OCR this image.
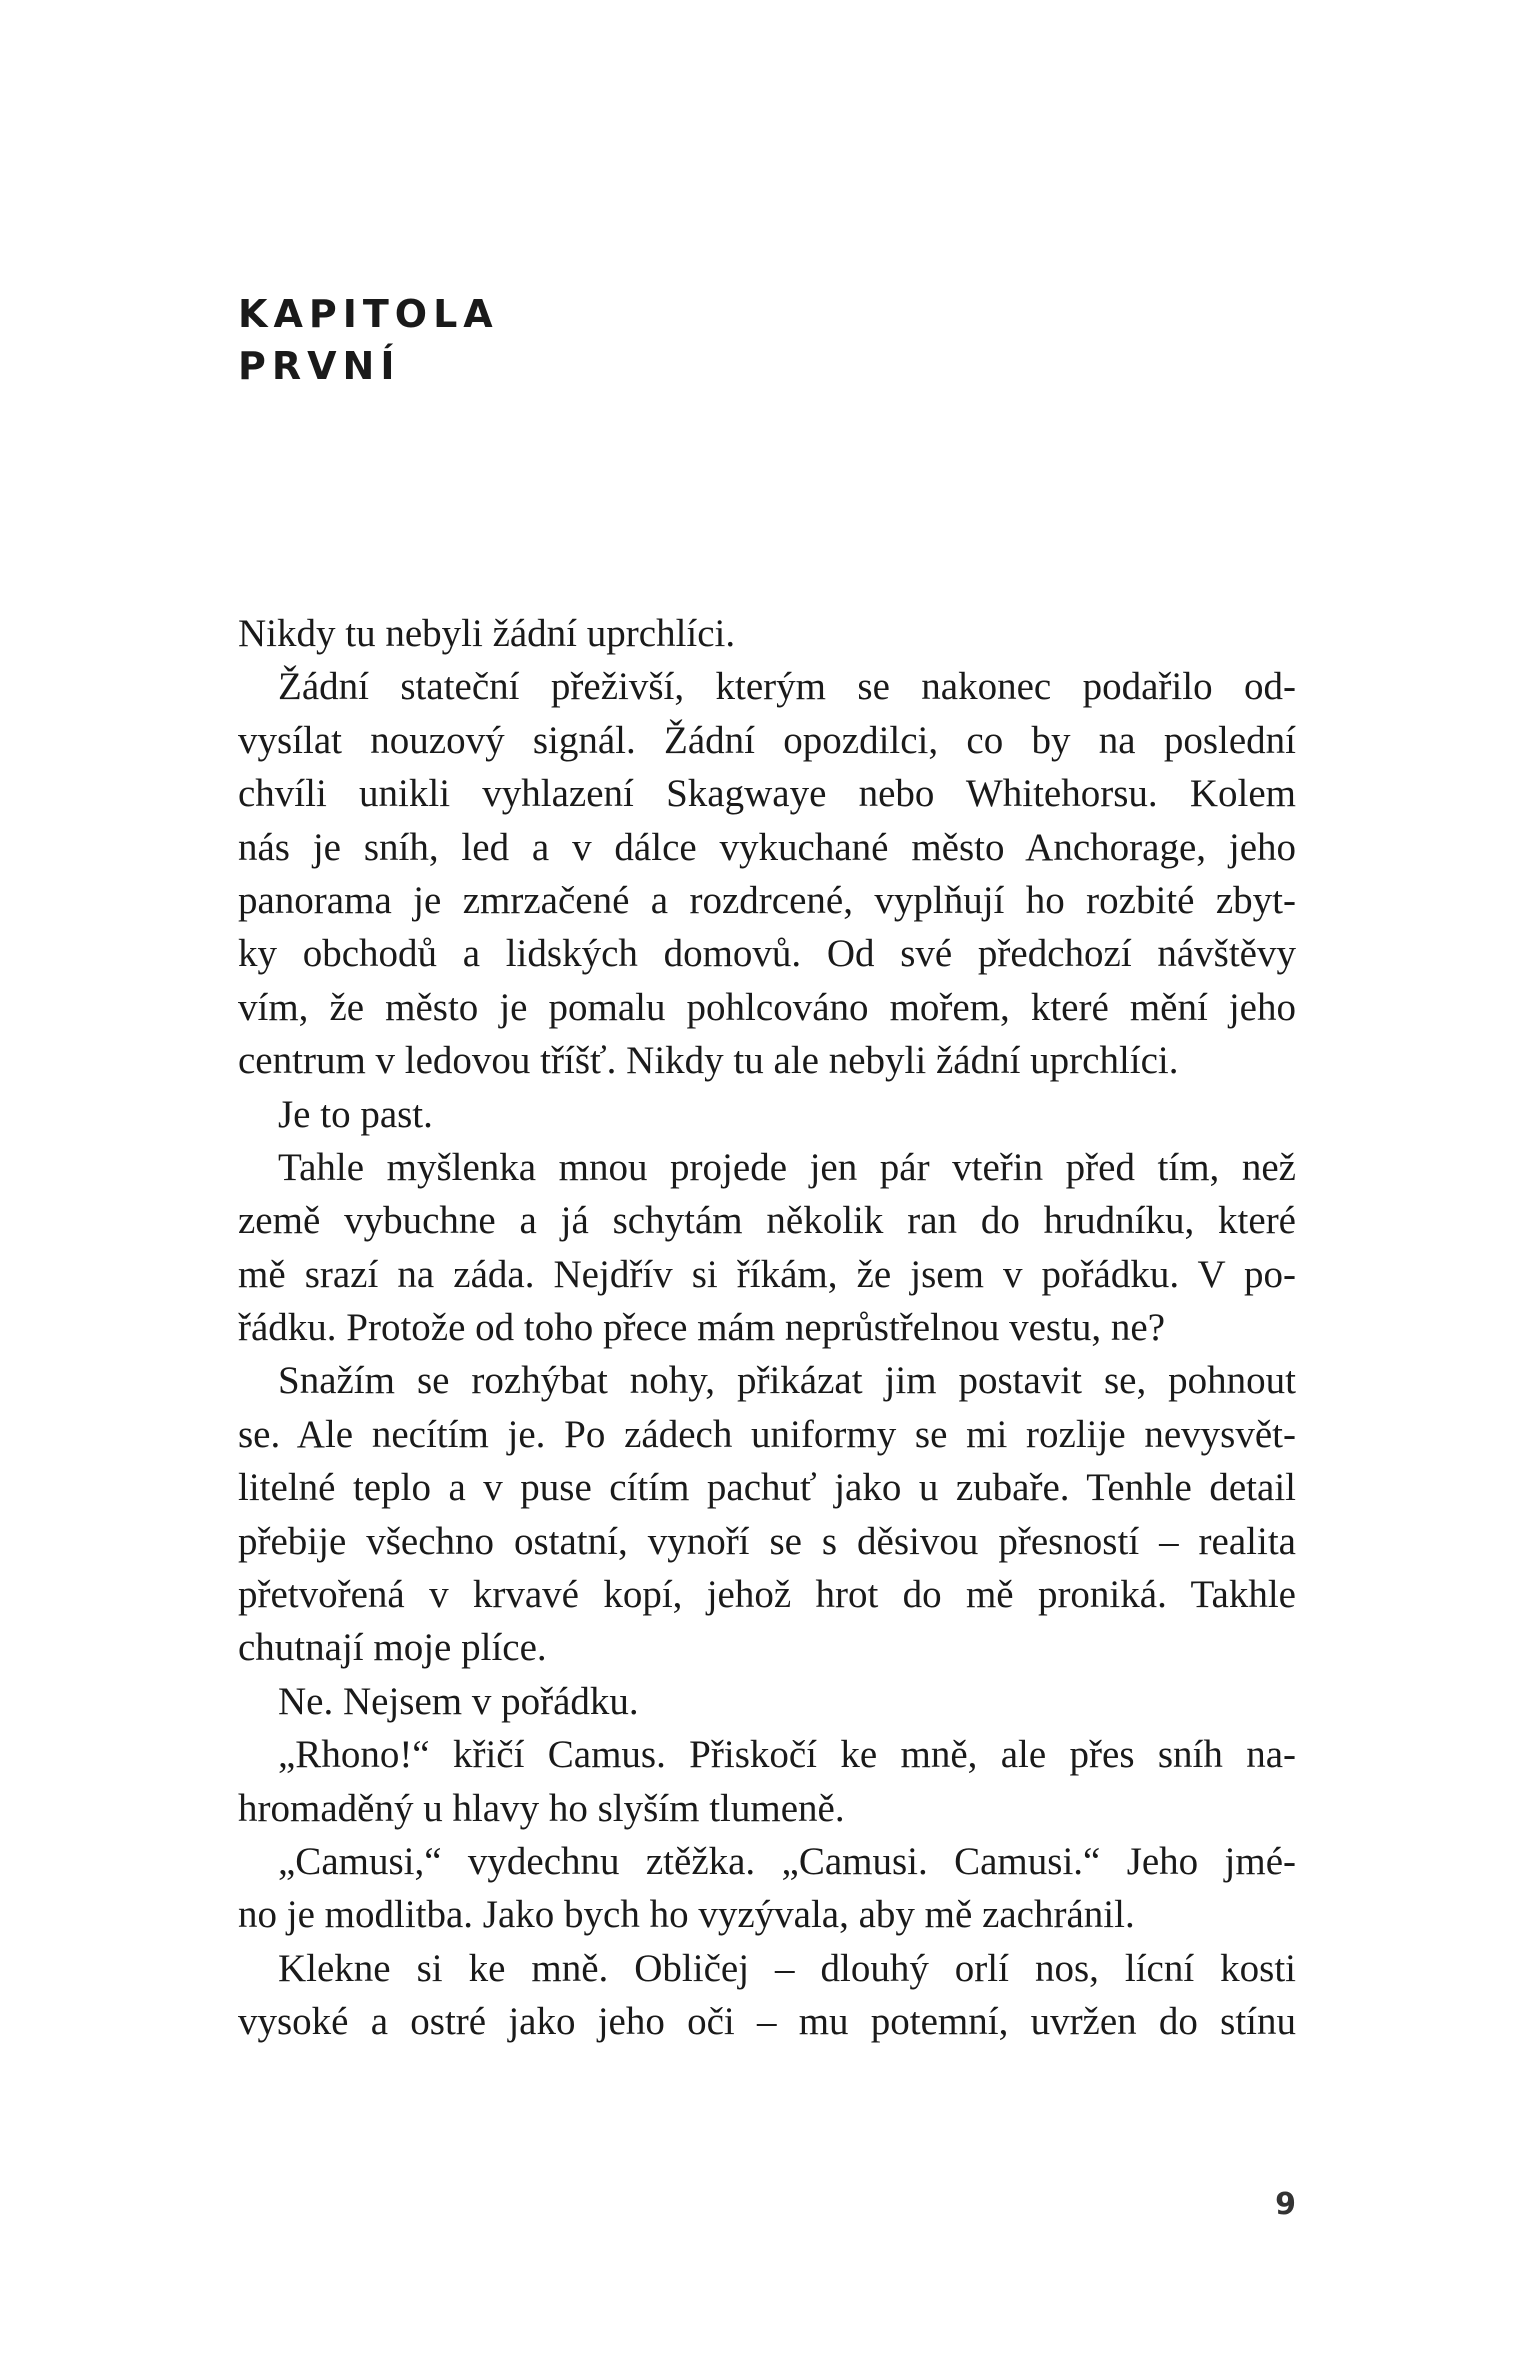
KAPITOLA
PRVNÍ
Nikdy tu nebyli žádní uprchlíci.
Žádní stateční přeživší, kterým se nakonec podařilo od-
vysílat nouzový signál. Žádní opozdilci, co by na poslední
chvíli unikli vyhlazení Skagwaye nebo Whitehorsu. Kolem
nás je sníh, led a v dálce vykuchané město Anchorage, jeho
panorama je zmrzačené a rozdrcené, vyplňují ho rozbité zbyt-
ky obchodů a lidských domovů. Od své předchozí návštěvy
vím, že město je pomalu pohlcováno mořem, které mění jeho
centrum v ledovou tříšť. Nikdy tu ale nebyli žádní uprchlíci.
Je to past.
Tahle myšlenka mnou projede jen pár vteřin před tím, než
země vybuchne a já schytám několik ran do hrudníku, které
mě srazí na záda. Nejdřív si říkám, že jsem v pořádku. V po-
řádku. Protože od toho přece mám neprůstřelnou vestu, ne?
Snažím se rozhýbat nohy, přikázat jim postavit se, pohnout
se. Ale necítím je. Po zádech uniformy se mi rozlije nevysvět-
litelné teplo a v puse cítím pachuť jako u zubaře. Tenhle detail
přebije všechno ostatní, vynoří se s děsivou přesností – realita
přetvořená v krvavé kopí, jehož hrot do mě proniká. Takhle
chutnají moje plíce.
Ne. Nejsem v pořádku.
„Rhono!“ křičí Camus. Přiskočí ke mně, ale přes sníh na-
hromaděný u hlavy ho slyším tlumeně.
„Camusi,“ vydechnu ztěžka. „Camusi. Camusi.“ Jeho jmé-
no je modlitba. Jako bych ho vyzývala, aby mě zachránil.
Klekne si ke mně. Obličej – dlouhý orlí nos, lícní kosti
vysoké a ostré jako jeho oči – mu potemní, uvržen do stínu
9
